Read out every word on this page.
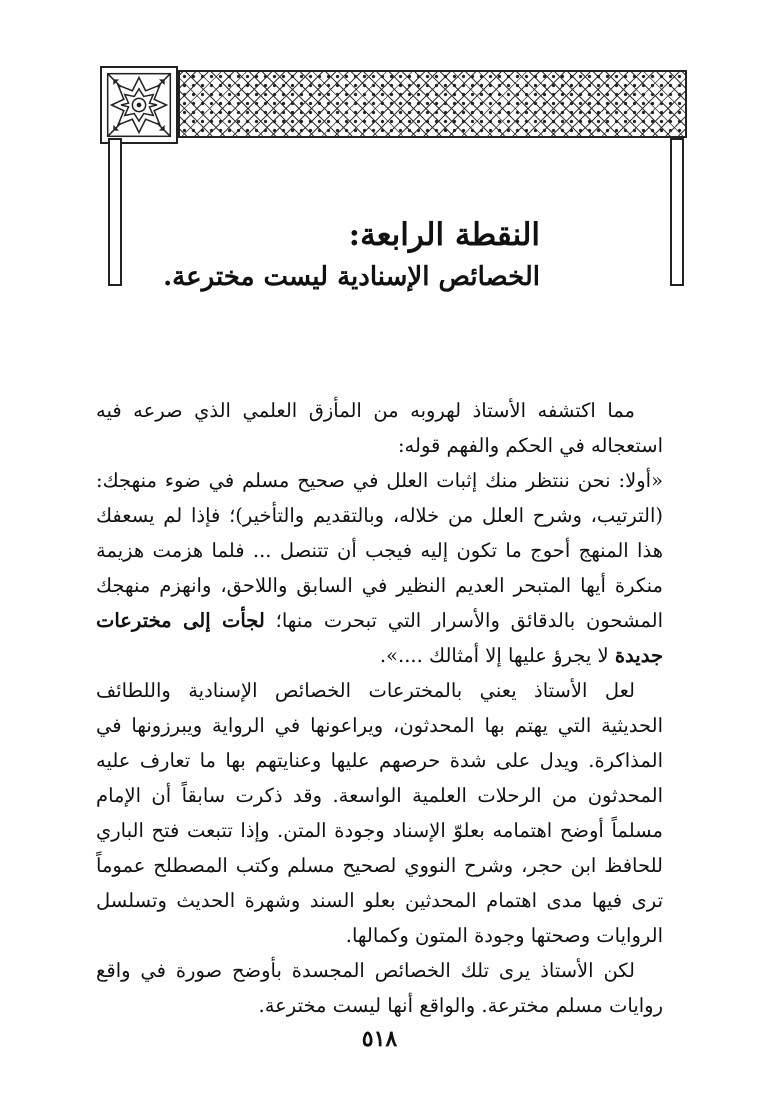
النقطة الرابعة:
الخصائص الإسنادية ليست مخترعة.

مما اكتشفه الأستاذ لهروبه من المأزق العلمي الذي صرعه فيه استعجاله في الحكم والفهم قوله:

«أولا: نحن ننتظر منك إثبات العلل في صحيح مسلم في ضوء منهجك: (الترتيب، وشرح العلل من خلاله، وبالتقديم والتأخير)؛ فإذا لم يسعفك هذا المنهج أحوج ما تكون إليه فيجب أن تتنصل ... فلما هزمت هزيمة منكرة أيها المتبحر العديم النظير في السابق واللاحق، وانهزم منهجك المشحون بالدقائق والأسرار التي تبحرت منها؛ لجأت إلى مخترعات جديدة لا يجرؤ عليها إلا أمثالك ....».

لعل الأستاذ يعني بالمخترعات الخصائص الإسنادية واللطائف الحديثية التي يهتم بها المحدثون، ويراعونها في الرواية ويبرزونها في المذاكرة. ويدل على شدة حرصهم عليها وعنايتهم بها ما تعارف عليه المحدثون من الرحلات العلمية الواسعة. وقد ذكرت سابقاً أن الإمام مسلماً أوضح اهتمامه بعلوّ الإسناد وجودة المتن. وإذا تتبعت فتح الباري للحافظ ابن حجر، وشرح النووي لصحيح مسلم وكتب المصطلح عموماً ترى فيها مدى اهتمام المحدثين بعلو السند وشهرة الحديث وتسلسل الروايات وصحتها وجودة المتون وكمالها.

لكن الأستاذ يرى تلك الخصائص المجسدة بأوضح صورة في واقع روايات مسلم مخترعة. والواقع أنها ليست مخترعة.

٥١٨
